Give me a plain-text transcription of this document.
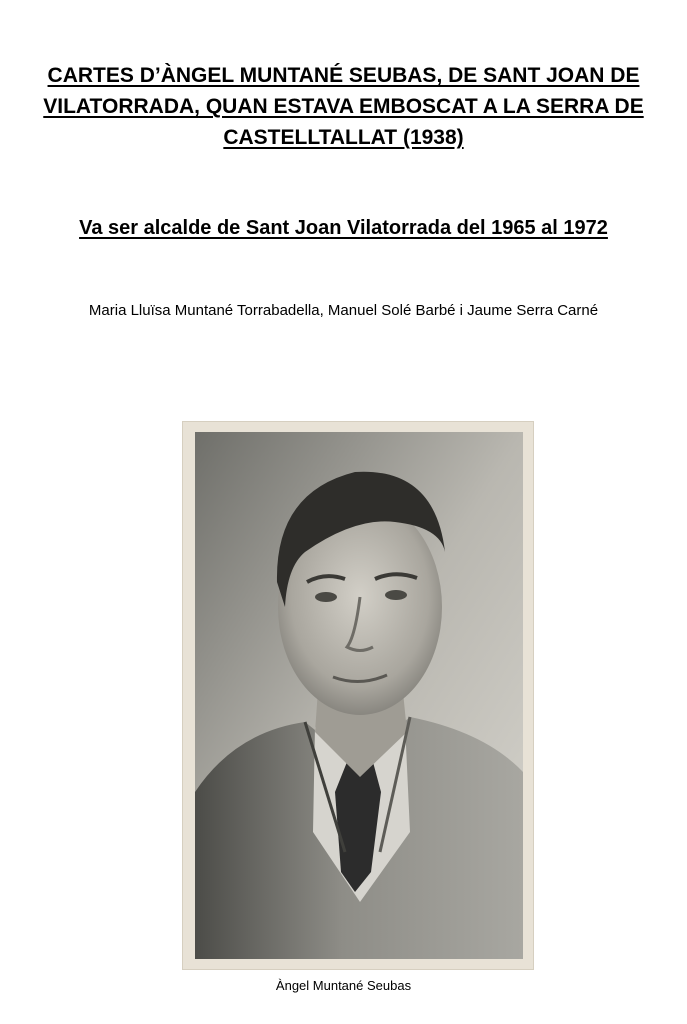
CARTES D’ÀNGEL MUNTANÉ SEUBAS, DE SANT JOAN DE
VILATORRADA, QUAN ESTAVA EMBOSCAT A LA SERRA DE
CASTELLTALLAT (1938)
Va ser alcalde de Sant Joan Vilatorrada del 1965 al 1972

Maria Lluïsa Muntané Torrabadella, Manuel Solé Barbé i Jaume Serra Carné

Àngel Muntané Seubas
